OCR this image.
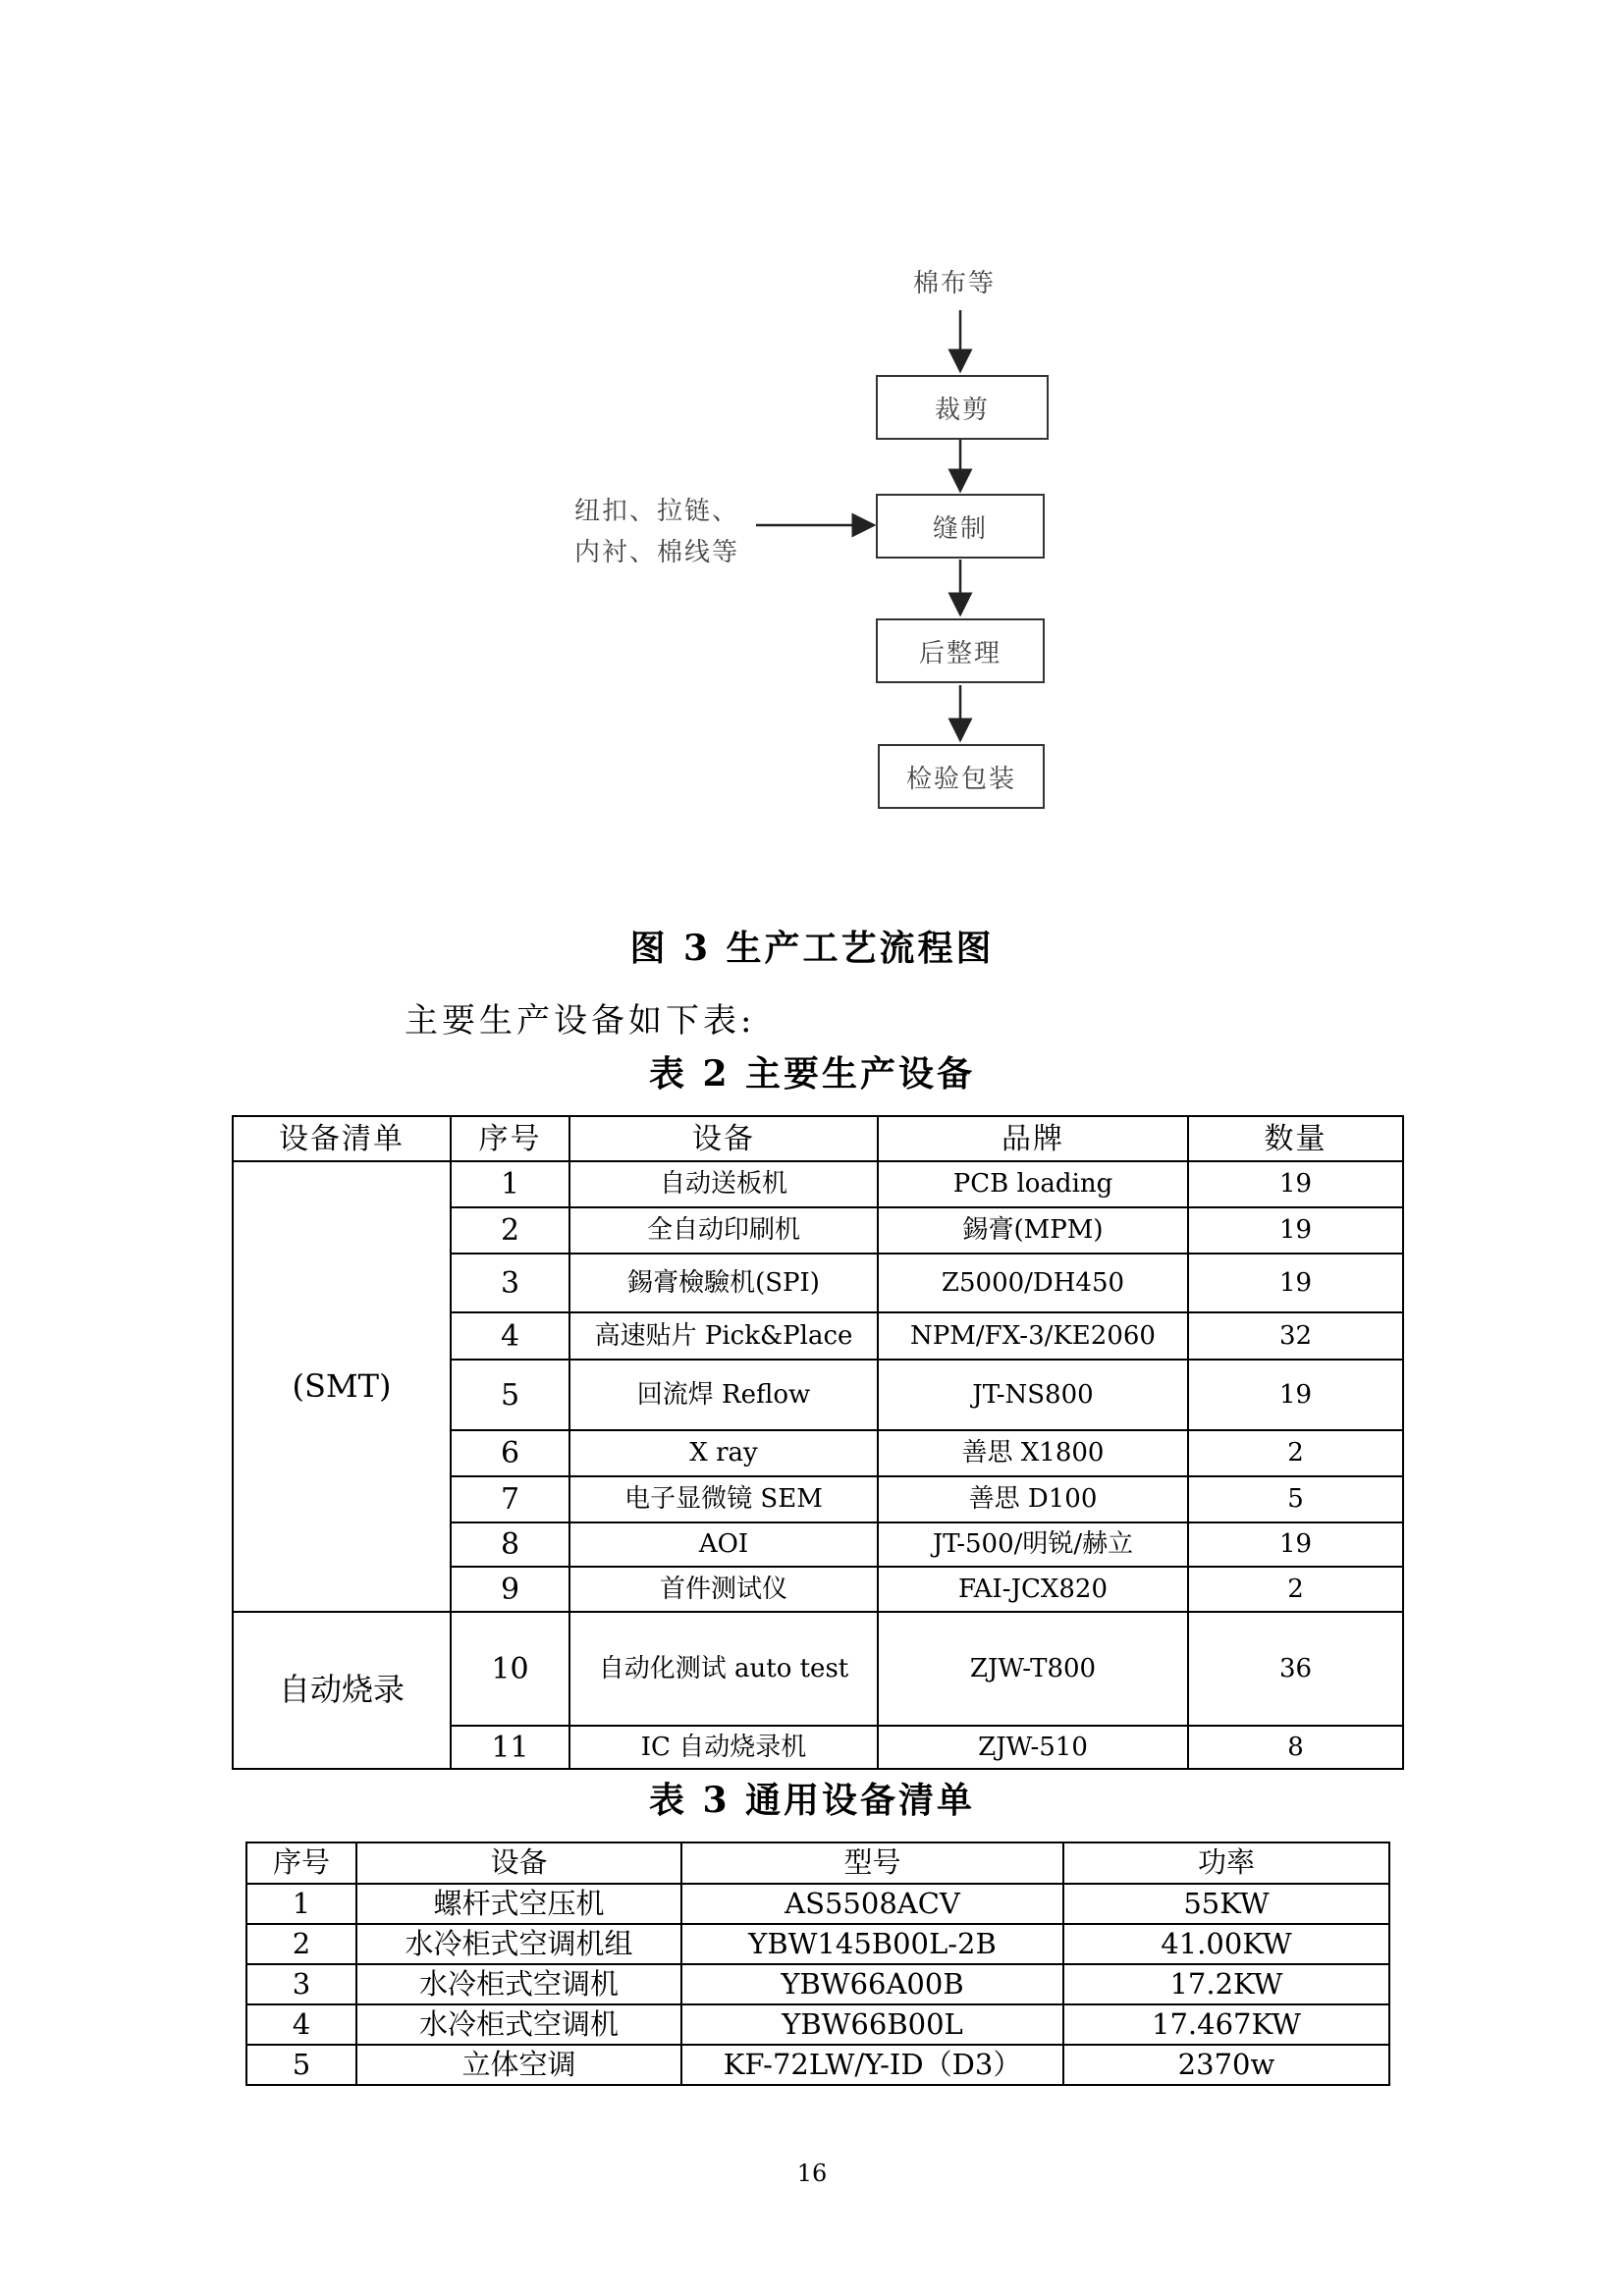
棉布等
纽扣、拉链、
内衬、棉线等
裁剪
缝制
后整理
检验包装
图 3 生产工艺流程图
主要生产设备如下表:
表 2 主要生产设备
设备清单	序号	设备	品牌	数量
(SMT)	1	自动送板机	PCB loading	19
	2	全自动印刷机	錫膏(MPM)	19
	3	錫膏檢驗机(SPI)	Z5000/DH450	19
	4	高速贴片 Pick&Place	NPM/FX-3/KE2060	32
	5	回流焊 Reflow	JT-NS800	19
	6	X ray	善思 X1800	2
	7	电子显微镜 SEM	善思 D100	5
	8	AOI	JT-500/明锐/赫立	19
	9	首件测试仪	FAI-JCX820	2
自动烧录	10	自动化测试 auto test	ZJW-T800	36
	11	IC 自动烧录机	ZJW-510	8
表 3 通用设备清单
序号	设备	型号	功率
1	螺杆式空压机	AS5508ACV	55KW
2	水冷柜式空调机组	YBW145B00L-2B	41.00KW
3	水冷柜式空调机	YBW66A00B	17.2KW
4	水冷柜式空调机	YBW66B00L	17.467KW
5	立体空调	KF-72LW/Y-ID（D3）	2370w
16
